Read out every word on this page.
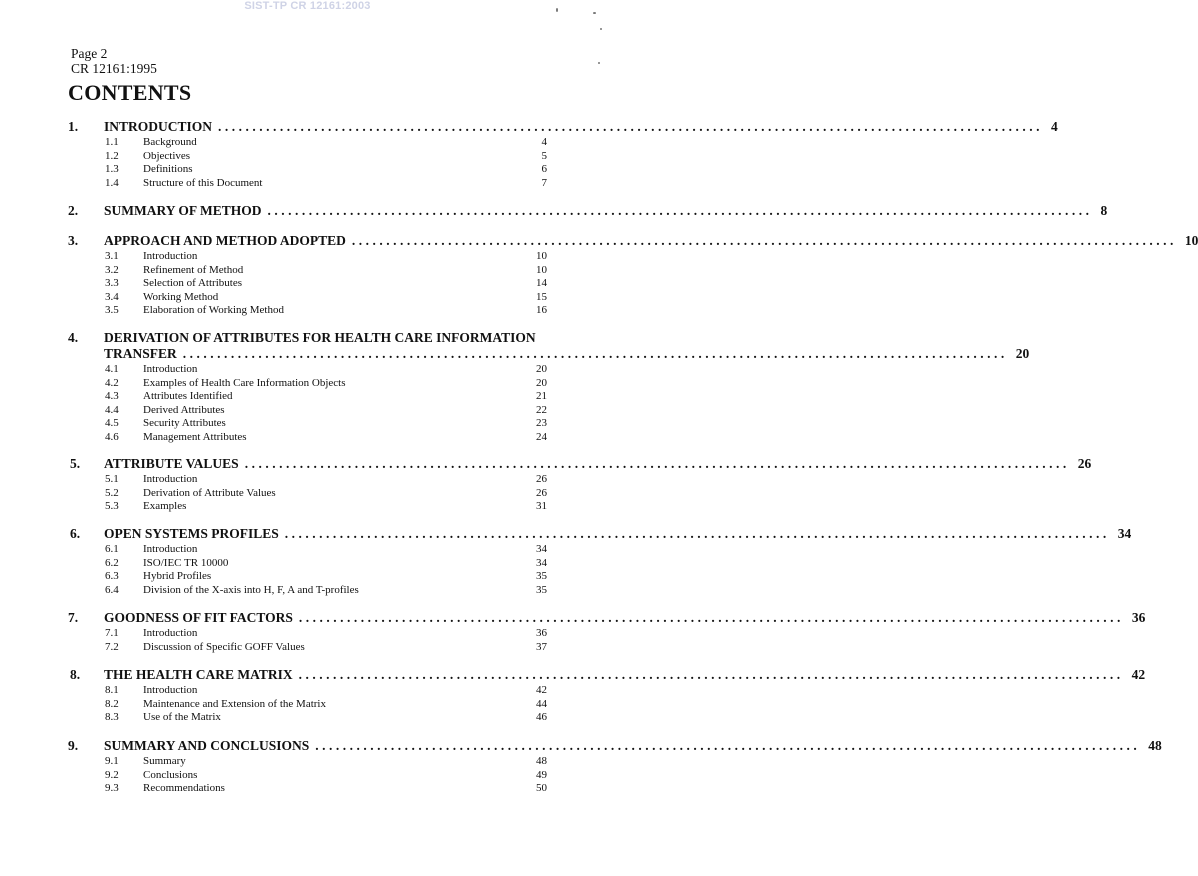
SIST-TP CR 12161:2003
Page 2
CR 12161:1995
CONTENTS
1. INTRODUCTION ........................................................................................................................ 4
1.1 Background	4
1.2 Objectives	5
1.3 Definitions	6
1.4 Structure of this Document	7
2. SUMMARY OF METHOD ........................................................................................................................ 8
3. APPROACH AND METHOD ADOPTED ........................................................................................................................ 10
3.1 Introduction	10
3.2 Refinement of Method	10
3.3 Selection of Attributes	14
3.4 Working Method	15
3.5 Elaboration of Working Method	16
4. DERIVATION OF ATTRIBUTES FOR HEALTH CARE INFORMATION
TRANSFER ........................................................................................................................ 20
4.1 Introduction	20
4.2 Examples of Health Care Information Objects	20
4.3 Attributes Identified	21
4.4 Derived Attributes	22
4.5 Security Attributes	23
4.6 Management Attributes	24
5. ATTRIBUTE VALUES ........................................................................................................................ 26
5.1 Introduction	26
5.2 Derivation of Attribute Values	26
5.3 Examples	31
6. OPEN SYSTEMS PROFILES ........................................................................................................................ 34
6.1 Introduction	34
6.2 ISO/IEC TR 10000	34
6.3 Hybrid Profiles	35
6.4 Division of the X-axis into H, F, A and T-profiles	35
7. GOODNESS OF FIT FACTORS ........................................................................................................................ 36
7.1 Introduction	36
7.2 Discussion of Specific GOFF Values	37
8. THE HEALTH CARE MATRIX ........................................................................................................................ 42
8.1 Introduction	42
8.2 Maintenance and Extension of the Matrix	44
8.3 Use of the Matrix	46
9. SUMMARY AND CONCLUSIONS ........................................................................................................................ 48
9.1 Summary	48
9.2 Conclusions	49
9.3 Recommendations	50
